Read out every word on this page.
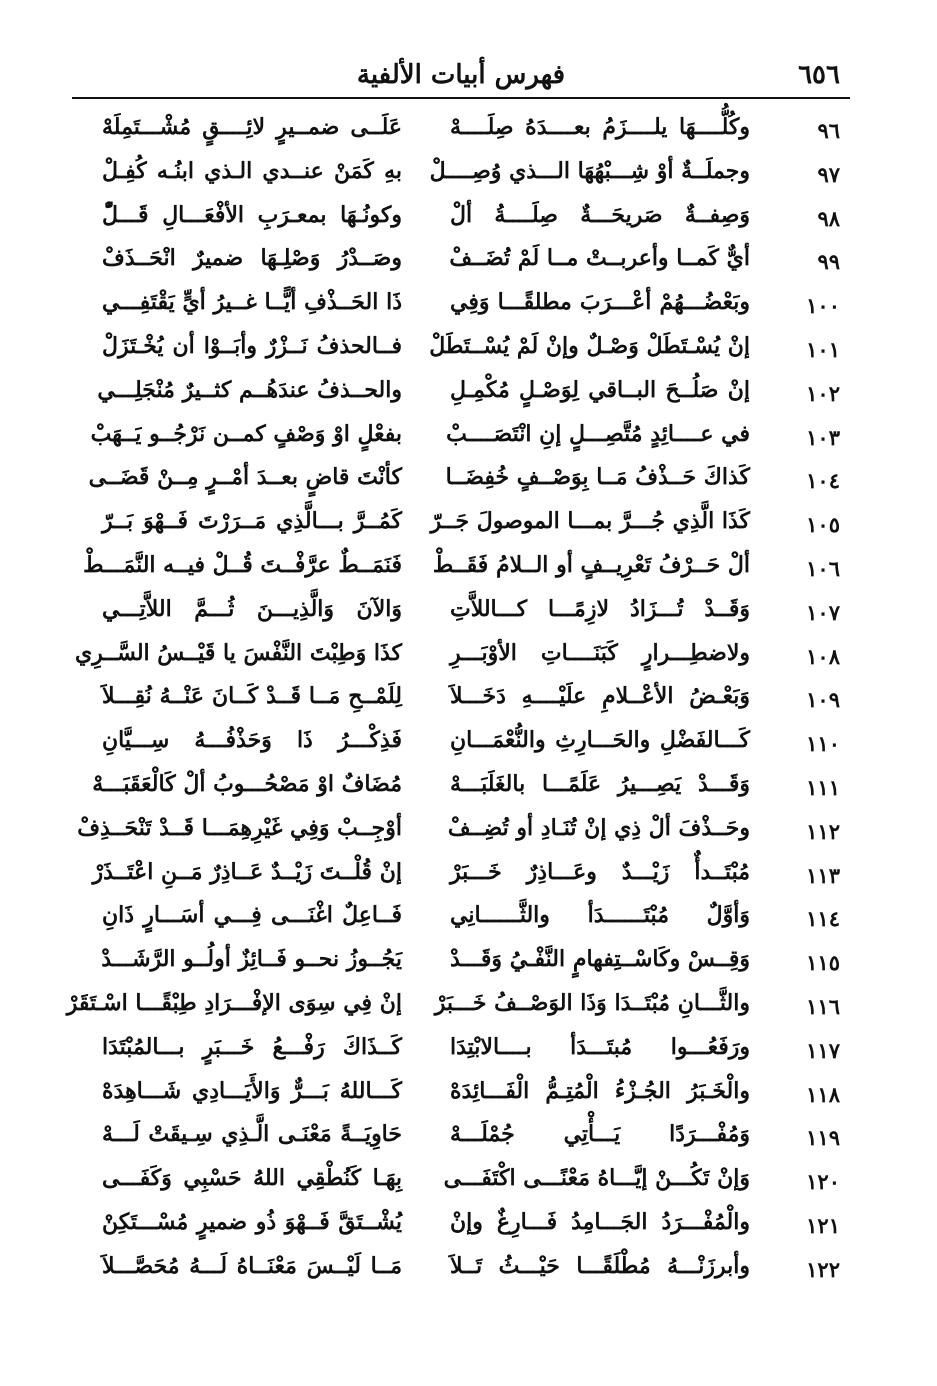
٦٥٦
فهرس أبيات الألفية
٩٦
وكُلُّــــهَا يلــــزَمُ بعــــدَهُ صِلَــــهْ
عَلَــى ضمــيرٍ لائِــــقٍ مُشْـــتَمِلَهْ
٩٧
وجملَــةٌ أوْ شِـــبْهُهَا الـــذي وُصِــــلْ
بهِ كَمَنْ عنــدي الـذي ابنُـه كُفِـلْ
٩٨
وَصِفــةٌ صَريحَـــةٌ صِلَــــةُ ألْ
وكونُـهَا بمعـرَبِ الأفْعَـــالِ قَـــلّْ
٩٩
أيٌّ كَمــا وأعربــتْ مــا لَمْ تُضَــفْ
وصَــدْرُ وَصْلِـهَا ضميرٌ انْحَــذَفْ
١٠٠
وبَعْضُـــهُمْ أعْـــرَبَ مطلقًـــا وَفِي
ذَا الحَــذْفِ أيًّــا غــيرُ أيٍّ يَقْتَفِـــي
١٠١
إنْ يُسْـتَطَلْ وَصْـلٌ وإنْ لَمْ يُسْــتَطَلْ
فــالحذفُ نَــزْرٌ وأبَــوْا أن يُخْـتَزَلْ
١٠٢
إنْ صَلُــحَ البــاقي لِوَصْـلٍ مُكْمِـلِ
والحــذفُ عندَهُــم كثــيرٌ مُنْجَلِـــي
١٠٣
في عــــائِدٍ مُتَّصِـــلٍ إنِ انْتَصَــــبْ
بفعْلٍ اوْ وَصْفٍ كمــن نَرْجُــو يَــهَبْ
١٠٤
كَذاكَ حَــذْفُ مَــا بِوَصْــفٍ خُفِضَــا
كأنْتَ قاضٍ بعــدَ أمْــرٍ مِــنْ قَضَــى
١٠٥
كَذَا الَّذِي جُـــرَّ بمـــا الموصولَ جَــرّ
كَمُــرَّ بـــالَّذِي مَــرَرْتَ فَــهْوَ بَــرّ
١٠٦
ألْ حَــرْفُ تَعْرِيــفٍ أو الــلامُ فَقَــطْ
فَنَمَــطٌ عرَّفْــتَ قُــلْ فيــه النَّمَـــطْ
١٠٧
وَقَــدْ تُـــزَادُ لازِمًـــا كـــاللاَّتِ
وَالآنَ وَالَّذِيـــنَ ثُـــمَّ اللاَّتِـــي
١٠٨
ولاضطِـــرارٍ كَبَنَــــاتِ الأوْبَـــرِ
كذَا وَطِبْتَ النَّفْسَ يا قَيْــسُ السَّــرِي
١٠٩
وَبَعْـضُ الأعْــلامِ علَيْــــهِ دَخَـــلاَ
لِلَمْــحِ مَــا قَــدْ كَــانَ عَنْــهُ نُقِـــلاَ
١١٠
كَـــالفَضْلِ والحَـــارِثِ والنُّعْمَـــانِ
فَذِكْـــرُ ذَا وَحَذْفُـــهُ سِـــيَّانِ
١١١
وَقَـــدْ يَصِـــيرُ عَلَمًـــا بالغَلَبَـــهْ
مُضَافٌ اوْ مَصْحُـــوبُ ألْ كَالْعَقَبَـــهْ
١١٢
وحَــذْفَ ألْ ذِي إنْ تُنَـادِ أو تُضِــفْ
أوْجِــبْ وَفِي غَيْرِهِمَـــا قَــدْ تَنْحَــذِفْ
١١٣
مُبْتَــدأٌ زَيْـــدٌ وعَـــاذِرٌ خَـــبَرْ
إنْ قُلْــتَ زَيْــدٌ عَــاذِرٌ مَــنِ اعْتَــذَرْ
١١٤
وَأوَّلٌ مُبْتَــــــدَأ والثَّــــــانِي
فَــاعِلٌ اغْنَـــى فِـــي أسَـــارٍ ذَانِ
١١٥
وَقِــسْ وكَاسْــتِفهامٍ النَّفْـيُ وَقَـــدْ
يَجُــوزُ نحــو فَــائِزٌ أولُــو الرَّشَـــدْ
١١٦
والثَّـــانِ مُبْتَــدَا وَذَا الوَصْــفُ خَـــبَرْ
إنْ فِي سِوَى الإفْـــرَادِ طِبْقًـــا اسْـتَقَرْ
١١٧
ورَفَعُـــوا مُبتَـــدَأ بــــالابْتِدَا
كَــذَاكَ رَفْـــعُ خَـــبَرٍ بـــالمُبْتَدَا
١١٨
والْخَـبَرُ الجُـزْءُ الْمُتِـمُّ الْفَـــائِدَهْ
كَـــاللهُ بَـــرٌّ وَالأَيَـــادِي شَـــاهِدَهْ
١١٩
وَمُفْـــرَدًا يَـــأْتِي جُمْلَـــهْ
حَاوِيَــةً مَعْنَـى الَّـذِي سِـيقَتْ لَـــهْ
١٢٠
وَإنْ تَكُـــنْ إيَّـــاهُ مَعْنًـــى اكْتَفَـــى
بِهَـا كَنُطْقِي اللهُ حَسْبِي وَكَفَـــى
١٢١
والْمُفْـــرَدُ الجَـــامِدُ فَـــارِغٌ وإنْ
يُشْــتَقَّ فَــهْوَ ذُو ضميرٍ مُسْـــتَكِنْ
١٢٢
وأبرزَنْـــهُ مُطْلَقًـــا حَيْـــثُ تَــلاَ
مَــا لَيْــسَ مَعْنَــاهُ لَـــهُ مُحَصَّـــلاَ
